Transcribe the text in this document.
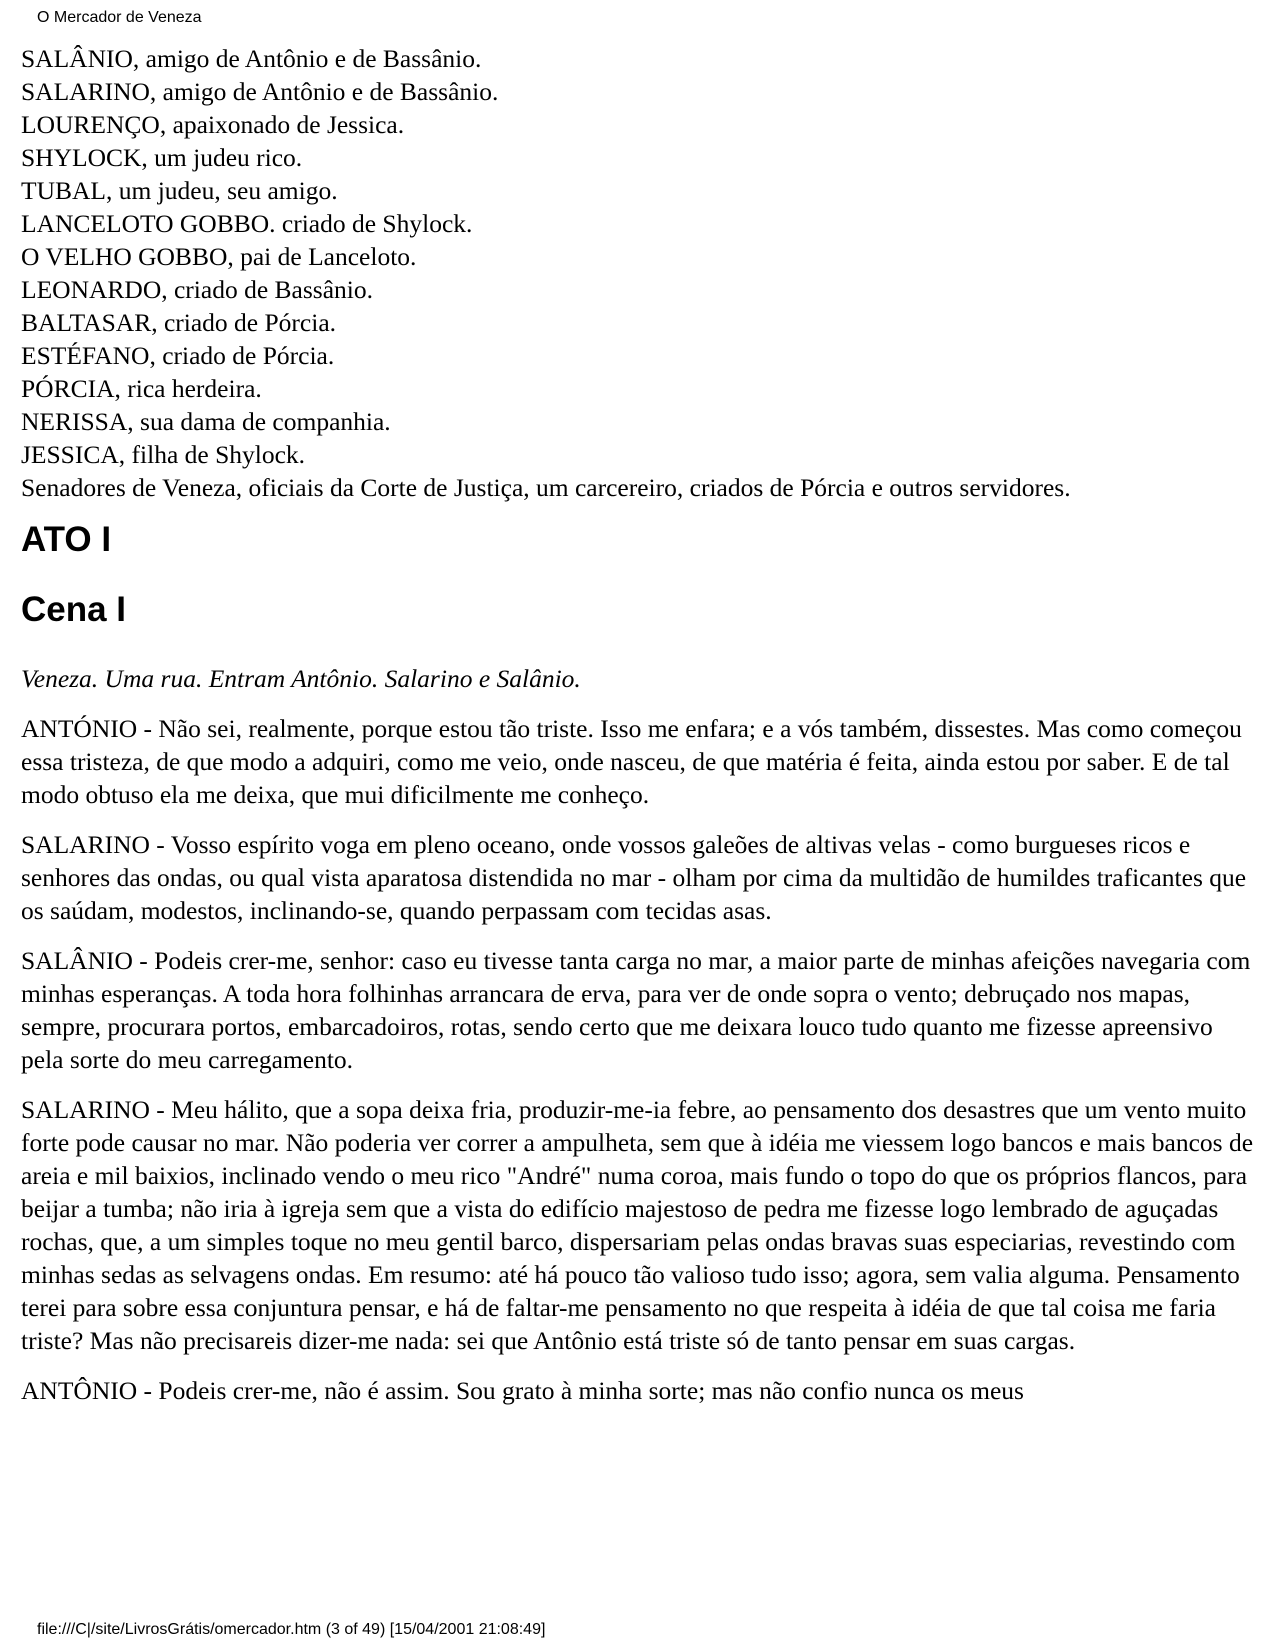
O Mercador de Veneza
SALÂNIO, amigo de Antônio e de Bassânio.
SALARINO, amigo de Antônio e de Bassânio.
LOURENÇO, apaixonado de Jessica.
SHYLOCK, um judeu rico.
TUBAL, um judeu, seu amigo.
LANCELOTO GOBBO. criado de Shylock.
O VELHO GOBBO, pai de Lanceloto.
LEONARDO, criado de Bassânio.
BALTASAR, criado de Pórcia.
ESTÉFANO, criado de Pórcia.
PÓRCIA, rica herdeira.
NERISSA, sua dama de companhia.
JESSICA, filha de Shylock.
Senadores de Veneza, oficiais da Corte de Justiça, um carcereiro, criados de Pórcia e outros servidores.
ATO I
Cena I

Veneza. Uma rua. Entram Antônio. Salarino e Salânio.

ANTÓNIO - Não sei, realmente, porque estou tão triste. Isso me enfara; e a vós também, dissestes. Mas como começou essa tristeza, de que modo a adquiri, como me veio, onde nasceu, de que matéria é feita, ainda estou por saber. E de tal modo obtuso ela me deixa, que mui dificilmente me conheço.

SALARINO - Vosso espírito voga em pleno oceano, onde vossos galeões de altivas velas - como burgueses ricos e senhores das ondas, ou qual vista aparatosa distendida no mar - olham por cima da multidão de humildes traficantes que os saúdam, modestos, inclinando-se, quando perpassam com tecidas asas.

SALÂNIO - Podeis crer-me, senhor: caso eu tivesse tanta carga no mar, a maior parte de minhas afeições navegaria com minhas esperanças. A toda hora folhinhas arrancara de erva, para ver de onde sopra o vento; debruçado nos mapas, sempre, procurara portos, embarcadoiros, rotas, sendo certo que me deixara louco tudo quanto me fizesse apreensivo pela sorte do meu carregamento.

SALARINO - Meu hálito, que a sopa deixa fria, produzir-me-ia febre, ao pensamento dos desastres que um vento muito forte pode causar no mar. Não poderia ver correr a ampulheta, sem que à idéia me viessem logo bancos e mais bancos de areia e mil baixios, inclinado vendo o meu rico "André" numa coroa, mais fundo o topo do que os próprios flancos, para beijar a tumba; não iria à igreja sem que a vista do edifício majestoso de pedra me fizesse logo lembrado de aguçadas rochas, que, a um simples toque no meu gentil barco, dispersariam pelas ondas bravas suas especiarias, revestindo com minhas sedas as selvagens ondas. Em resumo: até há pouco tão valioso tudo isso; agora, sem valia alguma. Pensamento terei para sobre essa conjuntura pensar, e há de faltar-me pensamento no que respeita à idéia de que tal coisa me faria triste? Mas não precisareis dizer-me nada: sei que Antônio está triste só de tanto pensar em suas cargas.

ANTÔNIO - Podeis crer-me, não é assim. Sou grato à minha sorte; mas não confio nunca os meus

file:///C|/site/LivrosGrátis/omercador.htm (3 of 49) [15/04/2001 21:08:49]
